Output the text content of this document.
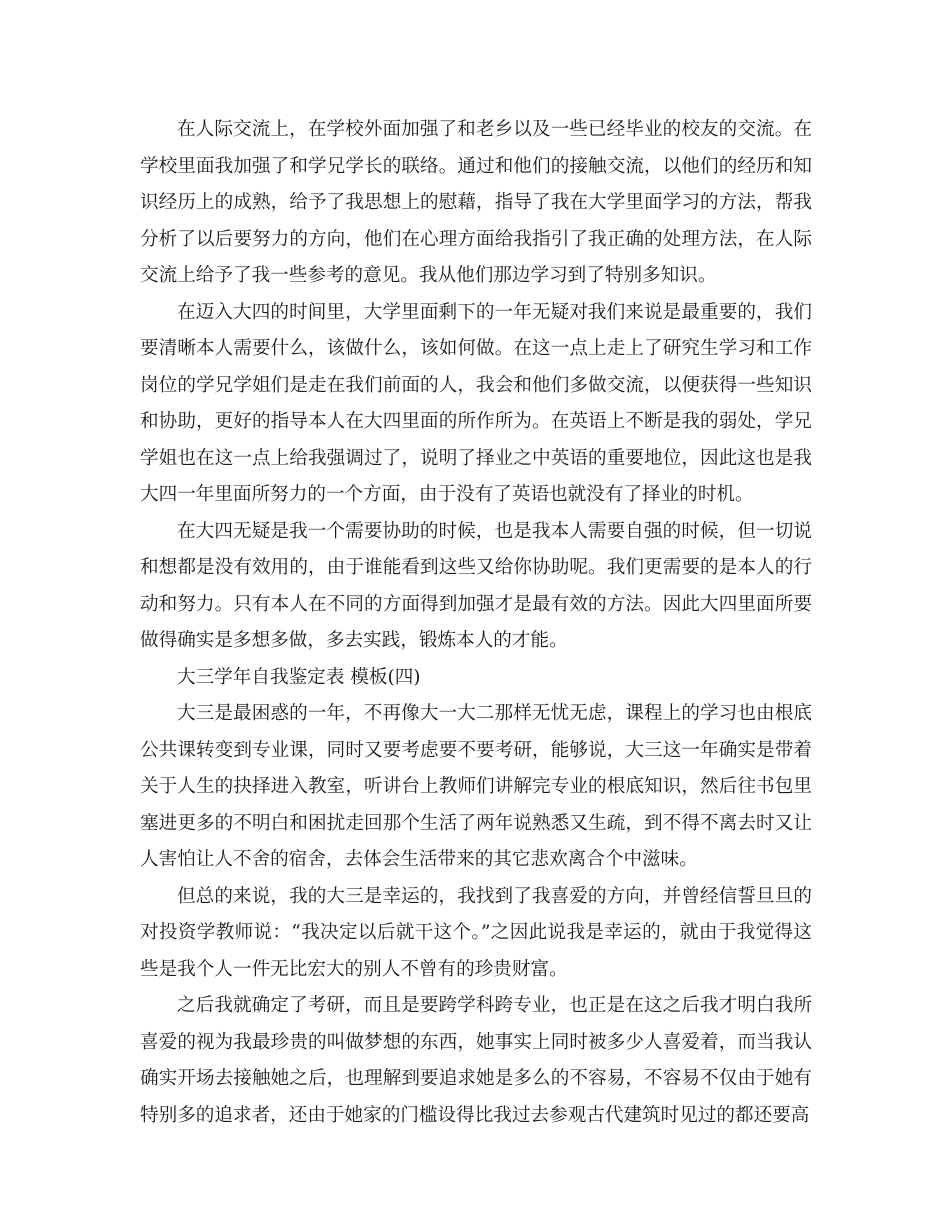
在人际交流上，在学校外面加强了和老乡以及一些已经毕业的校友的交流。在学校里面我加强了和学兄学长的联络。通过和他们的接触交流，以他们的经历和知识经历上的成熟，给予了我思想上的慰藉，指导了我在大学里面学习的方法，帮我分析了以后要努力的方向，他们在心理方面给我指引了我正确的处理方法，在人际交流上给予了我一些参考的意见。我从他们那边学习到了特别多知识。

在迈入大四的时间里，大学里面剩下的一年无疑对我们来说是最重要的，我们要清晰本人需要什么，该做什么，该如何做。在这一点上走上了研究生学习和工作岗位的学兄学姐们是走在我们前面的人，我会和他们多做交流，以便获得一些知识和协助，更好的指导本人在大四里面的所作所为。在英语上不断是我的弱处，学兄学姐也在这一点上给我强调过了，说明了择业之中英语的重要地位，因此这也是我大四一年里面所努力的一个方面，由于没有了英语也就没有了择业的时机。

在大四无疑是我一个需要协助的时候，也是我本人需要自强的时候，但一切说和想都是没有效用的，由于谁能看到这些又给你协助呢。我们更需要的是本人的行动和努力。只有本人在不同的方面得到加强才是最有效的方法。因此大四里面所要做得确实是多想多做，多去实践，锻炼本人的才能。

大三学年自我鉴定表 模板(四)

大三是最困惑的一年，不再像大一大二那样无忧无虑，课程上的学习也由根底公共课转变到专业课，同时又要考虑要不要考研，能够说，大三这一年确实是带着关于人生的抉择进入教室，听讲台上教师们讲解完专业的根底知识，然后往书包里塞进更多的不明白和困扰走回那个生活了两年说熟悉又生疏，到不得不离去时又让人害怕让人不舍的宿舍，去体会生活带来的其它悲欢离合个中滋味。

但总的来说，我的大三是幸运的，我找到了我喜爱的方向，并曾经信誓旦旦的对投资学教师说：“我决定以后就干这个。”之因此说我是幸运的，就由于我觉得这些是我个人一件无比宏大的别人不曾有的珍贵财富。

之后我就确定了考研，而且是要跨学科跨专业，也正是在这之后我才明白我所喜爱的视为我最珍贵的叫做梦想的东西，她事实上同时被多少人喜爱着，而当我认确实开场去接触她之后，也理解到要追求她是多么的不容易，不容易不仅由于她有特别多的追求者，还由于她家的门槛设得比我过去参观古代建筑时见过的都还要高
